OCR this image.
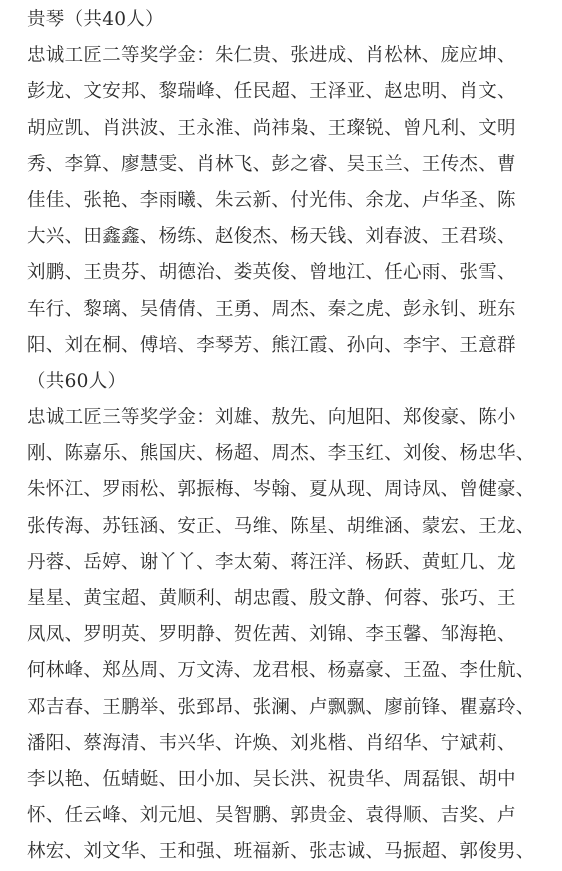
贵琴（共40人）
忠诚工匠二等奖学金：朱仁贵、张进成、肖松林、庞应坤、
彭龙、文安邦、黎瑞峰、任民超、王泽亚、赵忠明、肖文、
胡应凯、肖洪波、王永淮、尚祎枭、王璨锐、曾凡利、文明
秀、李算、廖慧雯、肖林飞、彭之睿、吴玉兰、王传杰、曹
佳佳、张艳、李雨曦、朱云新、付光伟、余龙、卢华圣、陈
大兴、田鑫鑫、杨练、赵俊杰、杨天钱、刘春波、王君琰、
刘鹏、王贵芬、胡德治、娄英俊、曾地江、任心雨、张雪、
车行、黎璃、吴倩倩、王勇、周杰、秦之虎、彭永钊、班东
阳、刘在桐、傅培、李琴芳、熊江霞、孙向、李宇、王意群
（共60人）
忠诚工匠三等奖学金：刘雄、敖先、向旭阳、郑俊豪、陈小
刚、陈嘉乐、熊国庆、杨超、周杰、李玉红、刘俊、杨忠华、
朱怀江、罗雨松、郭振梅、岑翰、夏从现、周诗凤、曾健豪、
张传海、苏钰涵、安正、马维、陈星、胡维涵、蒙宏、王龙、
丹蓉、岳婷、谢丫丫、李太菊、蒋汪洋、杨跃、黄虹几、龙
星星、黄宝超、黄顺利、胡忠霞、殷文静、何蓉、张巧、王
凤凤、罗明英、罗明静、贺佐茜、刘锦、李玉馨、邹海艳、
何林峰、郑丛周、万文涛、龙君根、杨嘉豪、王盈、李仕航、
邓吉春、王鹏举、张郅昂、张澜、卢飘飘、廖前锋、瞿嘉玲、
潘阳、蔡海清、韦兴华、许焕、刘兆楷、肖绍华、宁斌莉、
李以艳、伍蜻蜓、田小加、吴长洪、祝贵华、周磊银、胡中
怀、任云峰、刘元旭、吴智鹏、郭贵金、袁得顺、吉奖、卢
林宏、刘文华、王和强、班福新、张志诚、马振超、郭俊男、
